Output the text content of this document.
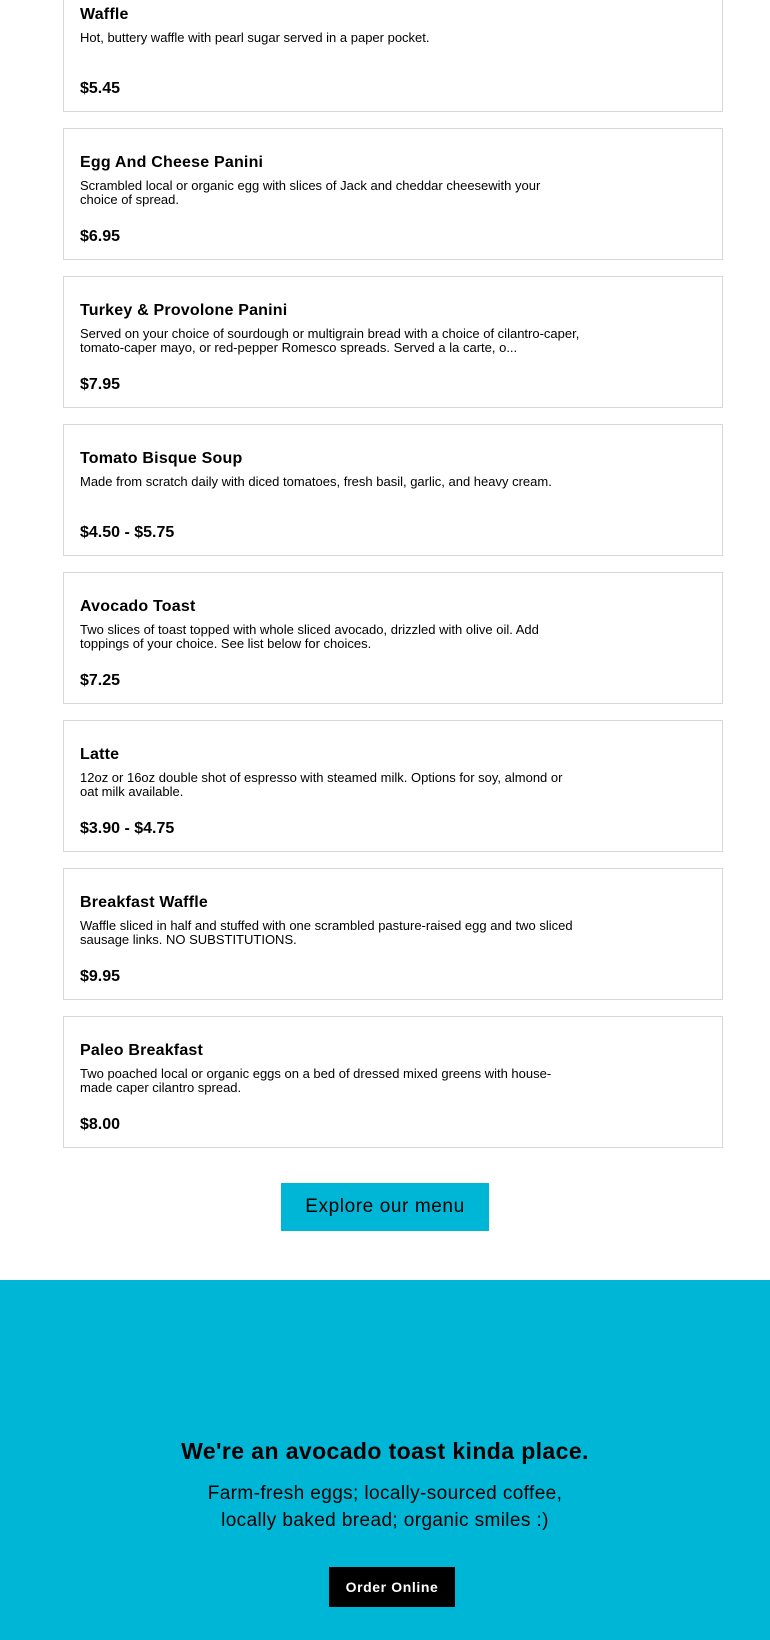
Waffle

Hot, buttery waffle with pearl sugar served in a paper pocket.

$5.45

Egg And Cheese Panini

Scrambled local or organic egg with slices of Jack and cheddar cheesewith your choice of spread.

$6.95

Turkey & Provolone Panini

Served on your choice of sourdough or multigrain bread with a choice of cilantro-caper, tomato-caper mayo, or red-pepper Romesco spreads. Served a la carte, o...

$7.95

Tomato Bisque Soup

Made from scratch daily with diced tomatoes, fresh basil, garlic, and heavy cream.

$4.50 - $5.75

Avocado Toast

Two slices of toast topped with whole sliced avocado, drizzled with olive oil. Add toppings of your choice. See list below for choices.

$7.25

Latte

12oz or 16oz double shot of espresso with steamed milk. Options for soy, almond or oat milk available.

$3.90 - $4.75

Breakfast Waffle

Waffle sliced in half and stuffed with one scrambled pasture-raised egg and two sliced sausage links. NO SUBSTITUTIONS.

$9.95

Paleo Breakfast

Two poached local or organic eggs on a bed of dressed mixed greens with house-made caper cilantro spread.

$8.00

Explore our menu
We're an avocado toast kinda place.

Farm-fresh eggs; locally-sourced coffee, locally baked bread; organic smiles :)

Order Online
